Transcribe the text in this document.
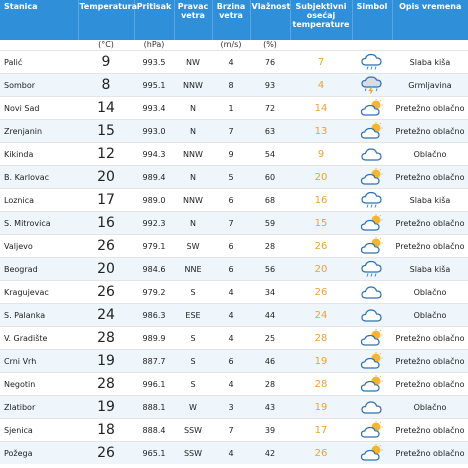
Stanica	Temperatura	Pritisak	Pravac vetra	Brzina vetra	Vlažnost	Subjektivni osećaj temperature	Simbol	Opis vremena
	(°C)	(hPa)		(m/s)	(%)			
Palić	9	993.5	NW	4	76	7		Slaba kiša
Sombor	8	995.1	NNW	8	93	4		Grmljavina
Novi Sad	14	993.4	N	1	72	14		Pretežno oblačno
Zrenjanin	15	993.0	N	7	63	13		Pretežno oblačno
Kikinda	12	994.3	NNW	9	54	9		Oblačno
B. Karlovac	20	989.4	N	5	60	20		Pretežno oblačno
Loznica	17	989.0	NNW	6	68	16		Slaba kiša
S. Mitrovica	16	992.3	N	7	59	15		Pretežno oblačno
Valjevo	26	979.1	SW	6	28	26		Pretežno oblačno
Beograd	20	984.6	NNE	6	56	20		Slaba kiša
Kragujevac	26	979.2	S	4	34	26		Oblačno
S. Palanka	24	986.3	ESE	4	44	24		Oblačno
V. Gradište	28	989.9	S	4	25	28		Pretežno oblačno
Crni Vrh	19	887.7	S	6	46	19		Pretežno oblačno
Negotin	28	996.1	S	4	28	28		Pretežno oblačno
Zlatibor	19	888.1	W	3	43	19		Oblačno
Sjenica	18	888.4	SSW	7	39	17		Pretežno oblačno
Požega	26	965.1	SSW	4	42	26		Pretežno oblačno
